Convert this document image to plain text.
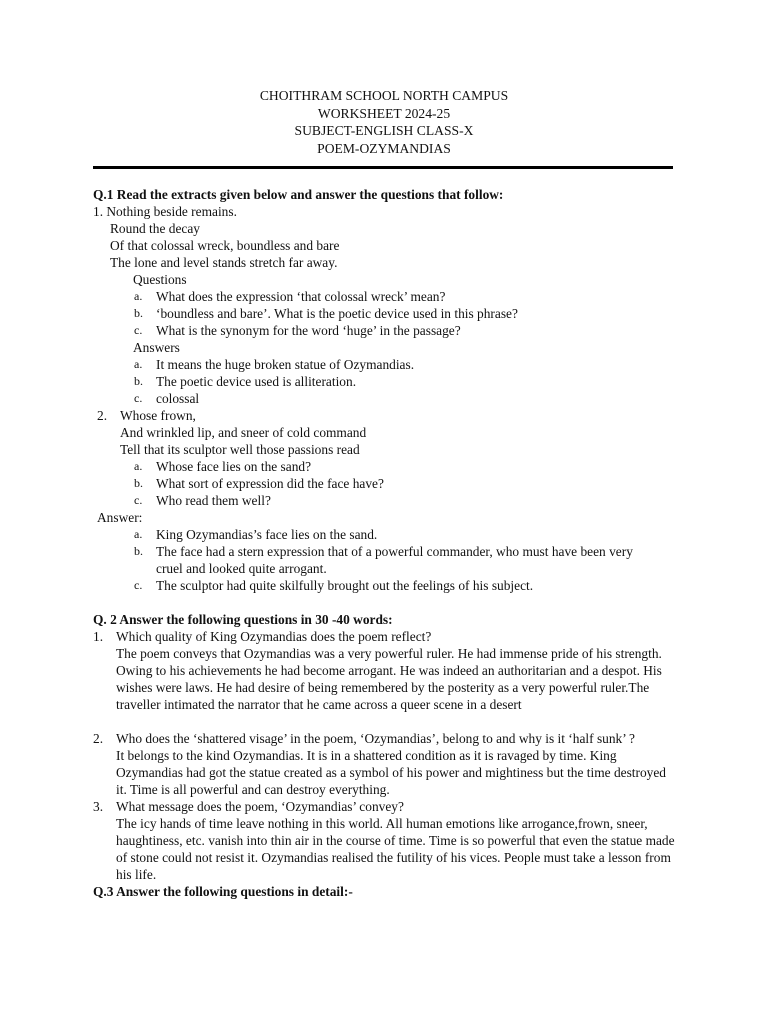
CHOITHRAM SCHOOL NORTH CAMPUS
WORKSHEET 2024-25
SUBJECT-ENGLISH CLASS-X
POEM-OZYMANDIAS
Q.1 Read the extracts given below and answer the questions that follow:
1. Nothing beside remains.
Round the decay
Of that colossal wreck, boundless and bare
The lone and level stands stretch far away.
Questions
a. What does the expression ‘that colossal wreck’ mean?
b. ‘boundless and bare’. What is the poetic device used in this phrase?
c. What is the synonym for the word ‘huge’ in the passage?
Answers
a. It means the huge broken statue of Ozymandias.
b. The poetic device used is alliteration.
c. colossal
2. Whose frown,
And wrinkled lip, and sneer of cold command
Tell that its sculptor well those passions read
a. Whose face lies on the sand?
b. What sort of expression did the face have?
c. Who read them well?
Answer:
a. King Ozymandias’s face lies on the sand.
b. The face had a stern expression that of a powerful commander, who must have been very cruel and looked quite arrogant.
c. The sculptor had quite skilfully brought out the feelings of his subject.
Q. 2 Answer the following questions in 30 -40 words:
1. Which quality of King Ozymandias does the poem reflect?
The poem conveys that Ozymandias was a very powerful ruler. He had immense pride of his strength. Owing to his achievements he had become arrogant. He was indeed an authoritarian and a despot. His wishes were laws. He had desire of being remembered by the posterity as a very powerful ruler.The traveller intimated the narrator that he came across a queer scene in a desert
2. Who does the ‘shattered visage’ in the poem, ‘Ozymandias’, belong to and why is it ‘half sunk’ ?
It belongs to the kind Ozymandias. It is in a shattered condition as it is ravaged by time. King Ozymandias had got the statue created as a symbol of his power and mightiness but the time destroyed it. Time is all powerful and can destroy everything.
3. What message does the poem, ‘Ozymandias’ convey?
The icy hands of time leave nothing in this world. All human emotions like arrogance,frown, sneer, haughtiness, etc. vanish into thin air in the course of time. Time is so powerful that even the statue made of stone could not resist it. Ozymandias realised the futility of his vices. People must take a lesson from his life.
Q.3 Answer the following questions in detail:-
